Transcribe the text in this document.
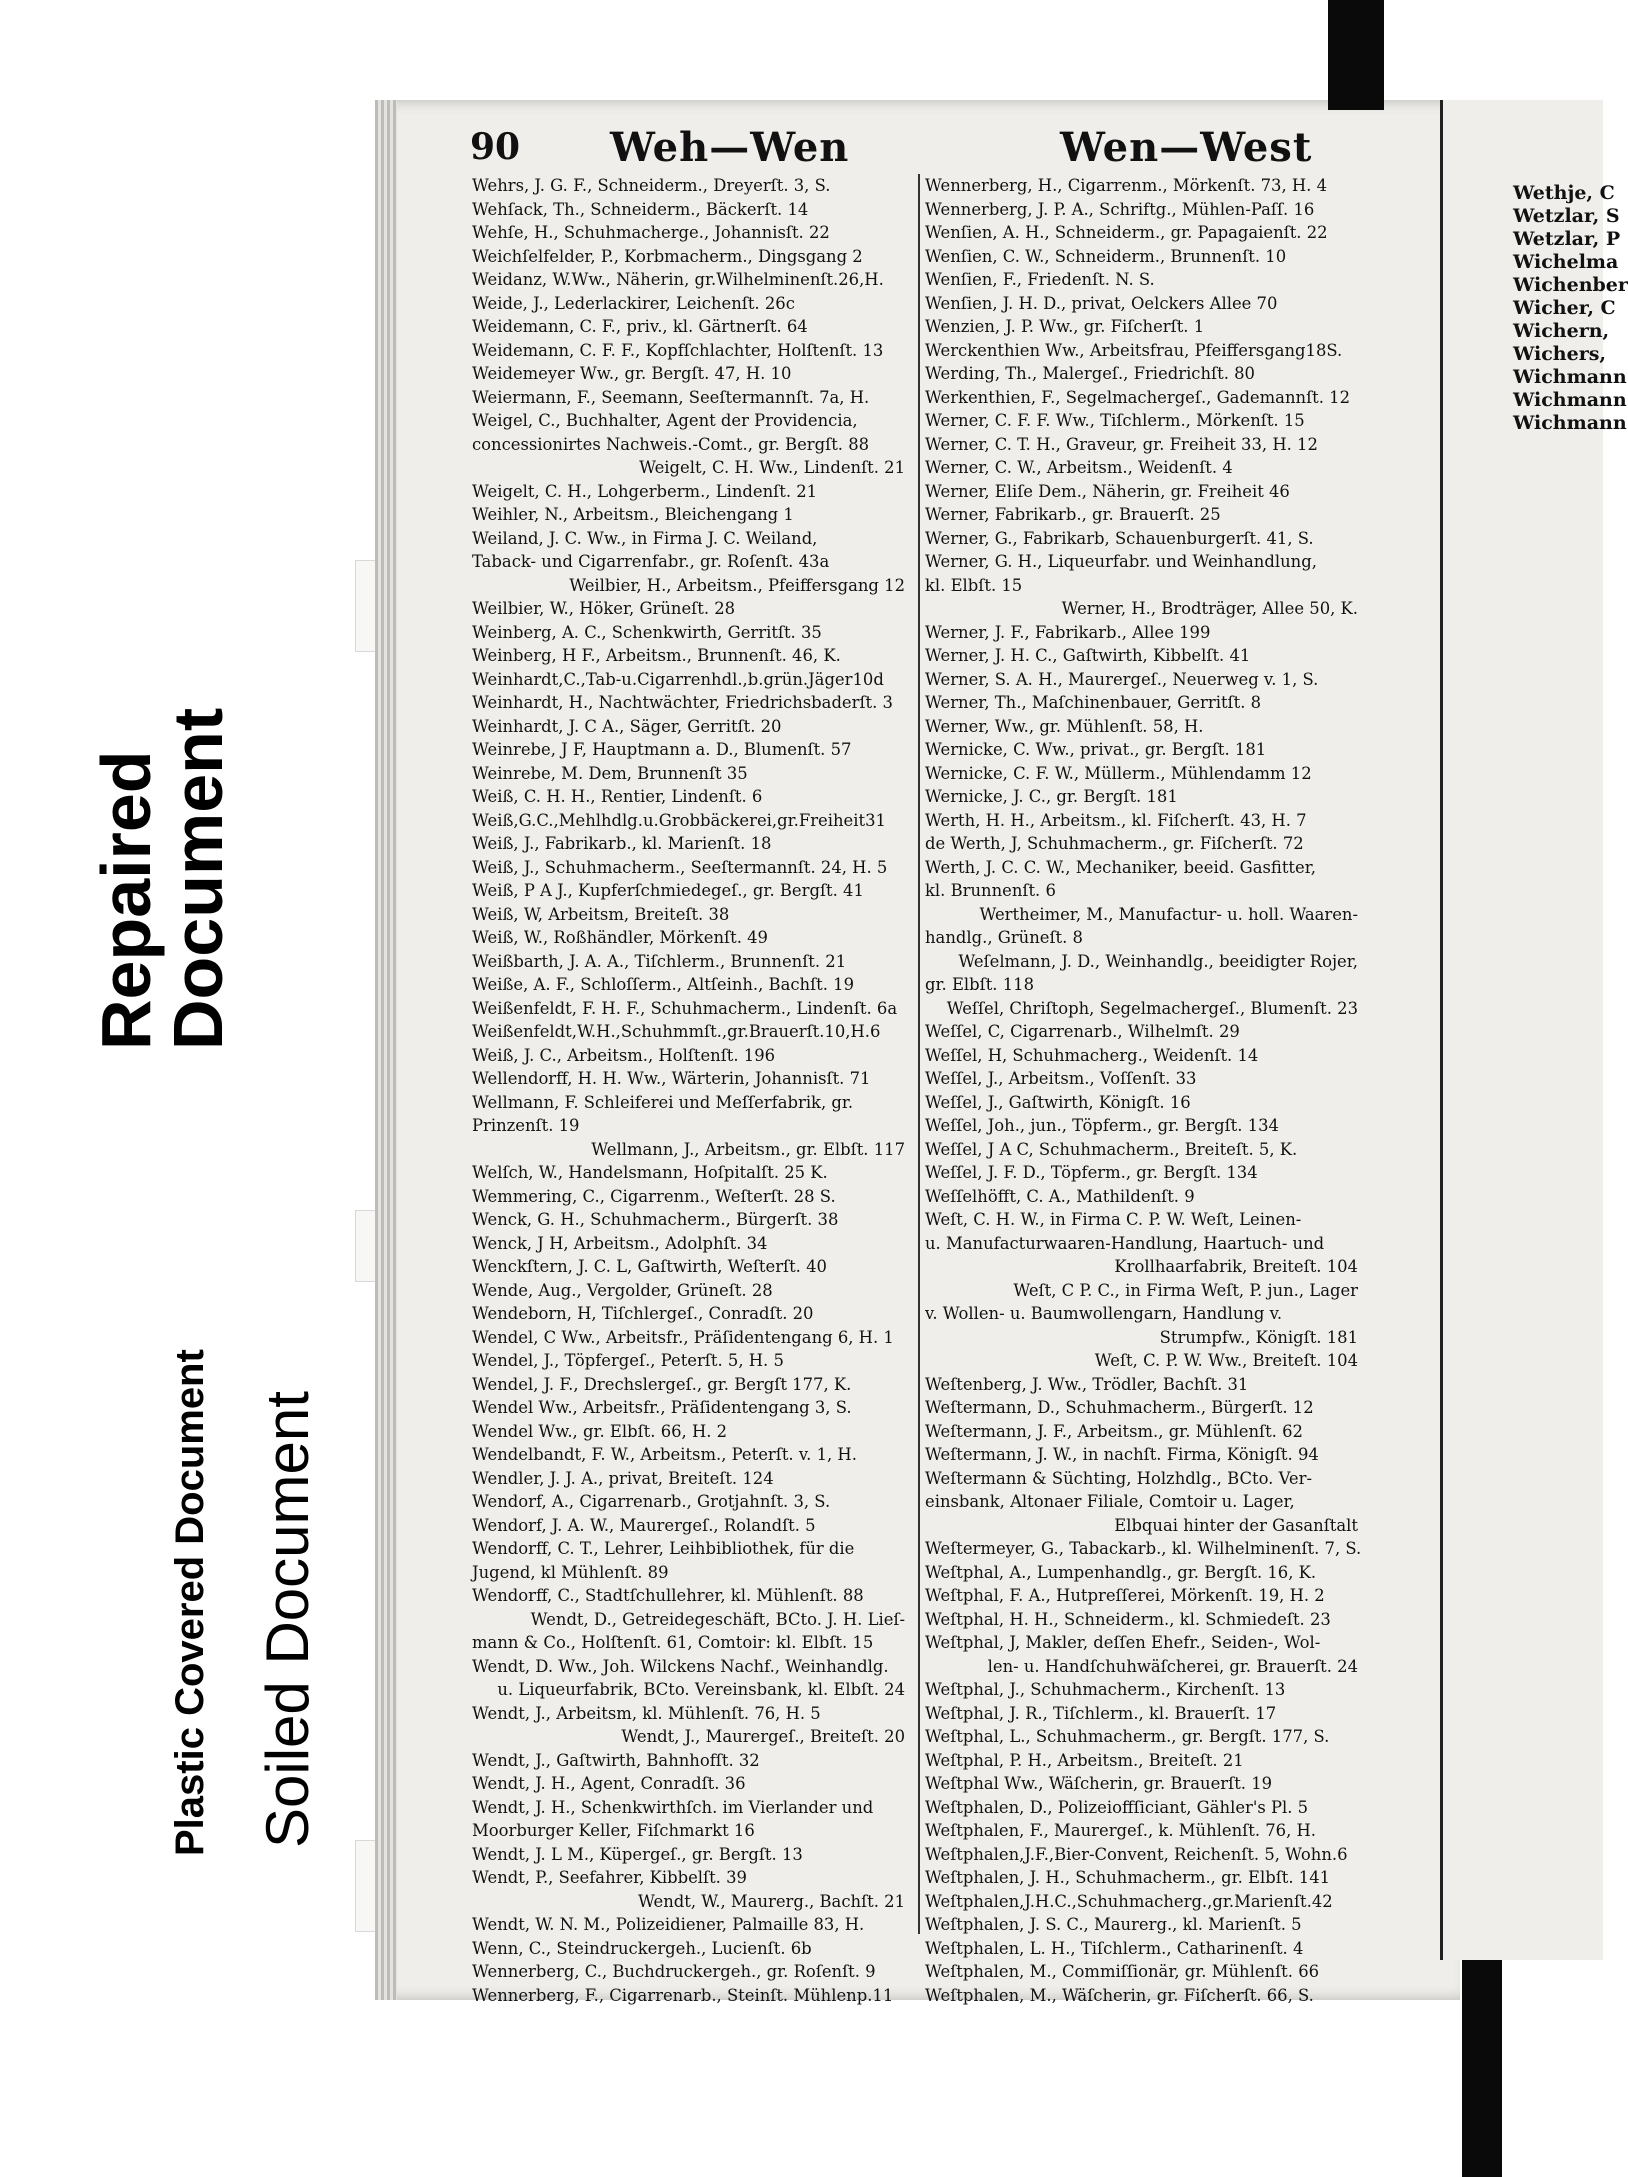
Repaired Document
Plastic Covered Document Soiled Document
Wethje, C
Wetzlar, S
Wetzlar, P
Wichelma
Wichenber
Wicher, C
Wichern,
Wichers,
Wichmann
Wichmann
Wichmann
90 Weh—Wen	Wen—West
Wehrs, J. G. F., Schneiderm., Dreyerſt. 3, S.
Wehſack, Th., Schneiderm., Bäckerſt. 14
Wehſe, H., Schuhmacherge., Johannisſt. 22
Weichſelfelder, P., Korbmacherm., Dingsgang 2
Weidanz, W.Ww., Näherin, gr.Wilhelminenſt.26,H.
Weide, J., Lederlackirer, Leichenſt. 26c
Weidemann, C. F., priv., kl. Gärtnerſt. 64
Weidemann, C. F. F., Kopfſchlachter, Holſtenſt. 13
Weidemeyer Ww., gr. Bergſt. 47, H. 10
Weiermann, F., Seemann, Seeſtermannſt. 7a, H.
Weigel, C., Buchhalter, Agent der Providencia,
concessionirtes Nachweis.-Comt., gr. Bergſt. 88
Weigelt, C. H. Ww., Lindenſt. 21
Weigelt, C. H., Lohgerberm., Lindenſt. 21
Weihler, N., Arbeitsm., Bleichengang 1
Weiland, J. C. Ww., in Firma J. C. Weiland,
Taback- und Cigarrenfabr., gr. Roſenſt. 43a
Weilbier, H., Arbeitsm., Pfeiffersgang 12
Weilbier, W., Höker, Grüneſt. 28
Weinberg, A. C., Schenkwirth, Gerritſt. 35
Weinberg, H F., Arbeitsm., Brunnenſt. 46, K.
Weinhardt,C.,Tab-u.Cigarrenhdl.,b.grün.Jäger10d
Weinhardt, H., Nachtwächter, Friedrichsbaderſt. 3
Weinhardt, J. C A., Säger, Gerritſt. 20
Weinrebe, J F, Hauptmann a. D., Blumenſt. 57
Weinrebe, M. Dem, Brunnenſt 35
Weiß, C. H. H., Rentier, Lindenſt. 6
Weiß,G.C.,Mehlhdlg.u.Grobbäckerei,gr.Freiheit31
Weiß, J., Fabrikarb., kl. Marienſt. 18
Weiß, J., Schuhmacherm., Seeſtermannſt. 24, H. 5
Weiß, P A J., Kupferſchmiedegeſ., gr. Bergſt. 41
Weiß, W, Arbeitsm, Breiteſt. 38
Weiß, W., Roßhändler, Mörkenſt. 49
Weißbarth, J. A. A., Tiſchlerm., Brunnenſt. 21
Weiße, A. F., Schloſſerm., Altſeinh., Bachſt. 19
Weißenfeldt, F. H. F., Schuhmacherm., Lindenſt. 6a
Weißenfeldt,W.H.,Schuhmmſt.,gr.Brauerſt.10,H.6
Weiß, J. C., Arbeitsm., Holſtenſt. 196
Wellendorff, H. H. Ww., Wärterin, Johannisſt. 71
Wellmann, F. Schleiferei und Meſſerfabrik, gr.
Prinzenſt. 19
Wellmann, J., Arbeitsm., gr. Elbſt. 117
Welſch, W., Handelsmann, Hoſpitalſt. 25 K.
Wemmering, C., Cigarrenm., Weſterſt. 28 S.
Wenck, G. H., Schuhmacherm., Bürgerſt. 38
Wenck, J H, Arbeitsm., Adolphſt. 34
Wenckſtern, J. C. L, Gaſtwirth, Weſterſt. 40
Wende, Aug., Vergolder, Grüneſt. 28
Wendeborn, H, Tiſchlergeſ., Conradſt. 20
Wendel, C Ww., Arbeitsfr., Präſidentengang 6, H. 1
Wendel, J., Töpfergeſ., Peterſt. 5, H. 5
Wendel, J. F., Drechslergeſ., gr. Bergſt 177, K.
Wendel Ww., Arbeitsfr., Präſidentengang 3, S.
Wendel Ww., gr. Elbſt. 66, H. 2
Wendelbandt, F. W., Arbeitsm., Peterſt. v. 1, H.
Wendler, J. J. A., privat, Breiteſt. 124
Wendorf, A., Cigarrenarb., Grotjahnſt. 3, S.
Wendorf, J. A. W., Maurergeſ., Rolandſt. 5
Wendorff, C. T., Lehrer, Leihbibliothek, für die
Jugend, kl Mühlenſt. 89
Wendorff, C., Stadtſchullehrer, kl. Mühlenſt. 88
Wendt, D., Getreidegeschäft, BCto. J. H. Lieſ-
mann & Co., Holſtenſt. 61, Comtoir: kl. Elbſt. 15
Wendt, D. Ww., Joh. Wilckens Nachf., Weinhandlg.
u. Liqueurfabrik, BCto. Vereinsbank, kl. Elbſt. 24
Wendt, J., Arbeitsm, kl. Mühlenſt. 76, H. 5
Wendt, J., Maurergeſ., Breiteſt. 20
Wendt, J., Gaſtwirth, Bahnhofſt. 32
Wendt, J. H., Agent, Conradſt. 36
Wendt, J. H., Schenkwirthſch. im Vierlander und
Moorburger Keller, Fiſchmarkt 16
Wendt, J. L M., Küpergeſ., gr. Bergſt. 13
Wendt, P., Seefahrer, Kibbelſt. 39
Wendt, W., Maurerg., Bachſt. 21
Wendt, W. N. M., Polizeidiener, Palmaille 83, H.
Wenn, C., Steindruckergeh., Lucienſt. 6b
Wennerberg, C., Buchdruckergeh., gr. Roſenſt. 9
Wennerberg, F., Cigarrenarb., Steinſt. Mühlenp.11
Wennerberg, H., Cigarrenm., Mörkenſt. 73, H. 4
Wennerberg, J. P. A., Schriftg., Mühlen-Paſſ. 16
Wenſien, A. H., Schneiderm., gr. Papagaienſt. 22
Wenſien, C. W., Schneiderm., Brunnenſt. 10
Wenſien, F., Friedenſt. N. S.
Wenſien, J. H. D., privat, Oelckers Allee 70
Wenzien, J. P. Ww., gr. Fiſcherſt. 1
Werckenthien Ww., Arbeitsfrau, Pfeiffersgang18S.
Werding, Th., Malergeſ., Friedrichſt. 80
Werkenthien, F., Segelmachergeſ., Gademannſt. 12
Werner, C. F. F. Ww., Tiſchlerm., Mörkenſt. 15
Werner, C. T. H., Graveur, gr. Freiheit 33, H. 12
Werner, C. W., Arbeitsm., Weidenſt. 4
Werner, Eliſe Dem., Näherin, gr. Freiheit 46
Werner, Fabrikarb., gr. Brauerſt. 25
Werner, G., Fabrikarb, Schauenburgerſt. 41, S.
Werner, G. H., Liqueurfabr. und Weinhandlung,
kl. Elbſt. 15
Werner, H., Brodträger, Allee 50, K.
Werner, J. F., Fabrikarb., Allee 199
Werner, J. H. C., Gaſtwirth, Kibbelſt. 41
Werner, S. A. H., Maurergeſ., Neuerweg v. 1, S.
Werner, Th., Maſchinenbauer, Gerritſt. 8
Werner, Ww., gr. Mühlenſt. 58, H.
Wernicke, C. Ww., privat., gr. Bergſt. 181
Wernicke, C. F. W., Müllerm., Mühlendamm 12
Wernicke, J. C., gr. Bergſt. 181
Werth, H. H., Arbeitsm., kl. Fiſcherſt. 43, H. 7
de Werth, J, Schuhmacherm., gr. Fiſcherſt. 72
Werth, J. C. C. W., Mechaniker, beeid. Gasfitter,
kl. Brunnenſt. 6
Wertheimer, M., Manufactur- u. holl. Waaren-
handlg., Grüneſt. 8
Weſelmann, J. D., Weinhandlg., beeidigter Rojer,
gr. Elbſt. 118
Weſſel, Chriſtoph, Segelmachergeſ., Blumenſt. 23
Weſſel, C, Cigarrenarb., Wilhelmſt. 29
Weſſel, H, Schuhmacherg., Weidenſt. 14
Weſſel, J., Arbeitsm., Voſſenſt. 33
Weſſel, J., Gaſtwirth, Königſt. 16
Weſſel, Joh., jun., Töpferm., gr. Bergſt. 134
Weſſel, J A C, Schuhmacherm., Breiteſt. 5, K.
Weſſel, J. F. D., Töpferm., gr. Bergſt. 134
Weſſelhöfft, C. A., Mathildenſt. 9
Weſt, C. H. W., in Firma C. P. W. Weſt, Leinen-
u. Manufacturwaaren-Handlung, Haartuch- und
Krollhaarfabrik, Breiteſt. 104
Weſt, C P. C., in Firma Weſt, P. jun., Lager
v. Wollen- u. Baumwollengarn, Handlung v.
Strumpfw., Königſt. 181
Weſt, C. P. W. Ww., Breiteſt. 104
Weſtenberg, J. Ww., Trödler, Bachſt. 31
Weſtermann, D., Schuhmacherm., Bürgerſt. 12
Weſtermann, J. F., Arbeitsm., gr. Mühlenſt. 62
Weſtermann, J. W., in nachſt. Firma, Königſt. 94
Weſtermann & Süchting, Holzhdlg., BCto. Ver-
einsbank, Altonaer Filiale, Comtoir u. Lager,
Elbquai hinter der Gasanſtalt
Weſtermeyer, G., Tabackarb., kl. Wilhelminenſt. 7, S.
Weſtphal, A., Lumpenhandlg., gr. Bergſt. 16, K.
Weſtphal, F. A., Hutpreſſerei, Mörkenſt. 19, H. 2
Weſtphal, H. H., Schneiderm., kl. Schmiedeſt. 23
Weſtphal, J, Makler, deſſen Ehefr., Seiden-, Wol-
len- u. Handſchuhwäſcherei, gr. Brauerſt. 24
Weſtphal, J., Schuhmacherm., Kirchenſt. 13
Weſtphal, J. R., Tiſchlerm., kl. Brauerſt. 17
Weſtphal, L., Schuhmacherm., gr. Bergſt. 177, S.
Weſtphal, P. H., Arbeitsm., Breiteſt. 21
Weſtphal Ww., Wäſcherin, gr. Brauerſt. 19
Weſtphalen, D., Polizeioffſiciant, Gähler's Pl. 5
Weſtphalen, F., Maurergeſ., k. Mühlenſt. 76, H.
Weſtphalen,J.F.,Bier-Convent, Reichenſt. 5, Wohn.6
Weſtphalen, J. H., Schuhmacherm., gr. Elbſt. 141
Weſtphalen,J.H.C.,Schuhmacherg.,gr.Marienſt.42
Weſtphalen, J. S. C., Maurerg., kl. Marienſt. 5
Weſtphalen, L. H., Tiſchlerm., Catharinenſt. 4
Weſtphalen, M., Commiſſionär, gr. Mühlenſt. 66
Weſtphalen, M., Wäſcherin, gr. Fiſcherſt. 66, S.
